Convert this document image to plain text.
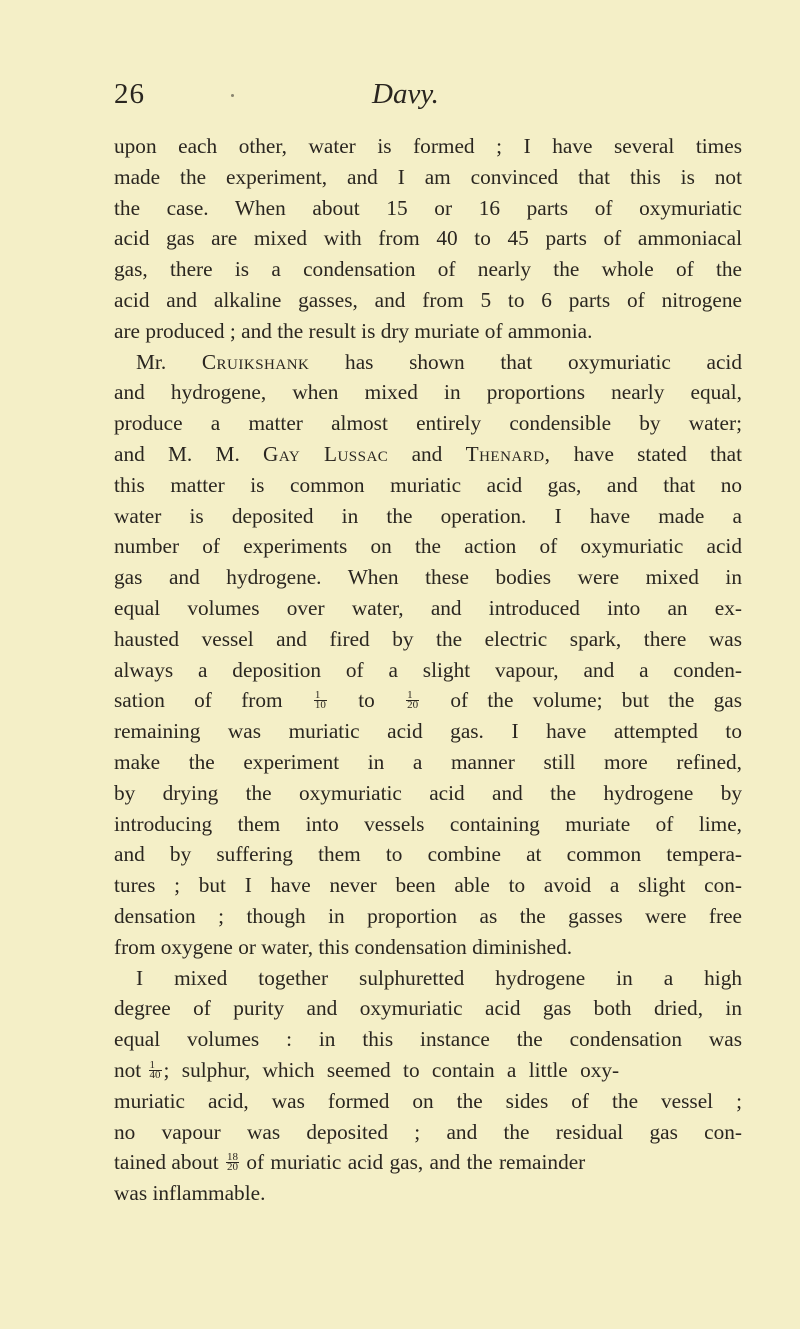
26	Davy.
upon each other, water is formed ; I have several times
made the experiment, and I am convinced that this is not
the case. When about 15 or 16 parts of oxymuriatic
acid gas are mixed with from 40 to 45 parts of ammoniacal
gas, there is a condensation of nearly the whole of the
acid and alkaline gasses, and from 5 to 6 parts of nitrogene
are produced ; and the result is dry muriate of ammonia.
Mr. Cruikshank has shown that oxymuriatic acid
and hydrogene, when mixed in proportions nearly equal,
produce a matter almost entirely condensible by water;
and M. M. Gay Lussac and Thenard, have stated that
this matter is common muriatic acid gas, and that no
water is deposited in the operation. I have made a
number of experiments on the action of oxymuriatic acid
gas and hydrogene. When these bodies were mixed in
equal volumes over water, and introduced into an ex-
hausted vessel and fired by the electric spark, there was
always a deposition of a slight vapour, and a conden-
sation of from	$\frac{1}{10}$ to	$\frac{1}{20}$ of the volume; but the gas
remaining was muriatic acid gas. I have attempted to
make the experiment in a manner still more refined,
by drying the oxymuriatic acid and the hydrogene by
introducing them into vessels containing muriate of lime,
and by suffering them to combine at common tempera-
tures ; but I have never been able to avoid a slight con-
densation ; though in proportion as the gasses were free
from oxygene or water, this condensation diminished.
I mixed together sulphuretted hydrogene in a high
degree of purity and oxymuriatic acid gas both dried, in
equal volumes : in this instance the condensation was
not $\frac{1}{40}$ ; sulphur, which seemed to contain a little oxy-
muriatic acid, was formed on the sides of the vessel ;
no vapour was deposited ; and the residual gas con-
tained about $\frac{18}{20}$ of muriatic acid gas, and the remainder
was inflammable.
